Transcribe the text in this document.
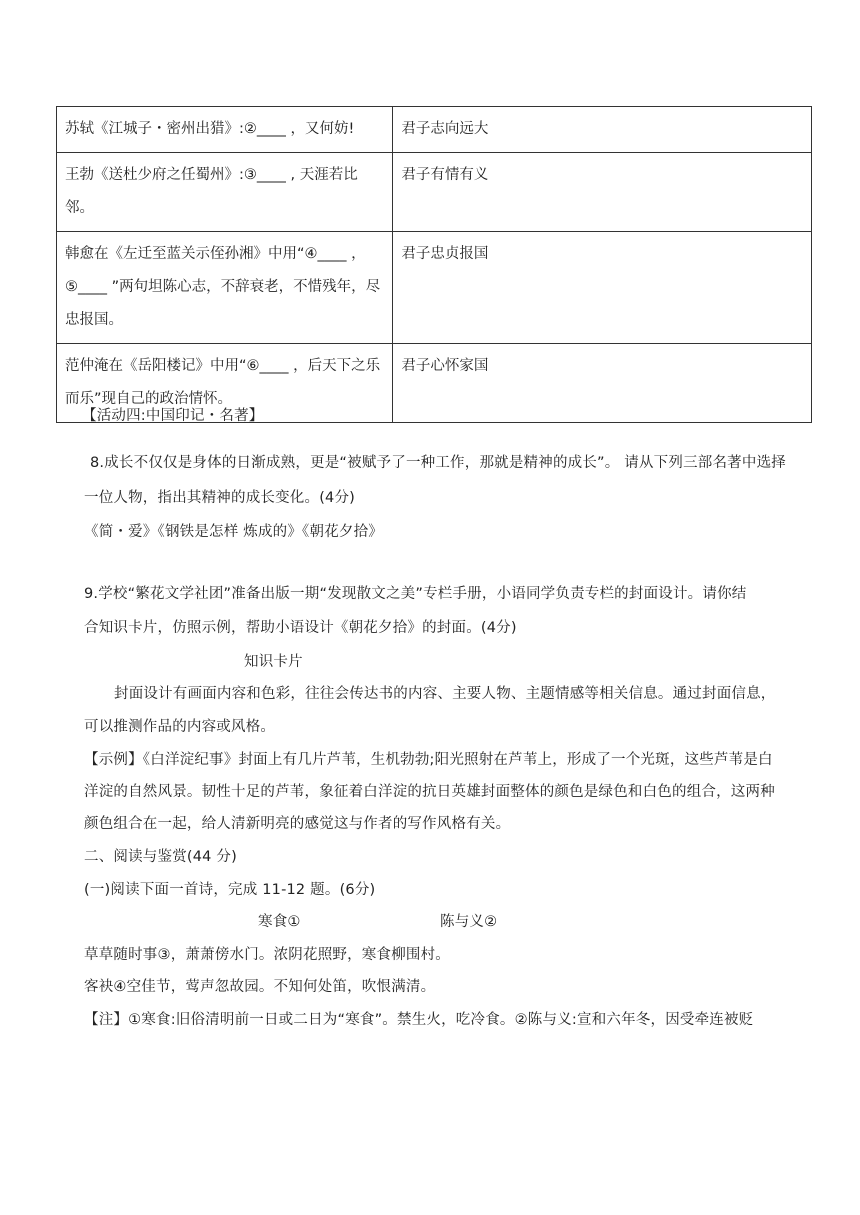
苏轼《江城子・密州出猎》:②____ ，又何妨!	君子志向远大
王勃《送杜少府之任蜀州》:③____ , 天涯若比邻。	君子有情有义
韩愈在《左迁至蓝关示侄孙湘》中用“④____ ，⑤____ ”两句坦陈心志，不辞衰老，不惜残年，尽忠报国。	君子忠贞报国
范仲淹在《岳阳楼记》中用“⑥____ ，后天下之乐而乐”现自己的政治情怀。	君子心怀家国
【活动四:中国印记・名著】
8.成长不仅仅是身体的日渐成熟，更是“被赋予了一种工作，那就是精神的成长”。 请从下列三部名著中选择
一位人物，指出其精神的成长变化。(4分)
《简・爱》《钢铁是怎样 炼成的》《朝花夕拾》
9.学校“繁花文学社团”准备出版一期“发现散文之美”专栏手册，小语同学负责专栏的封面设计。请你结
合知识卡片，仿照示例，帮助小语设计《朝花夕拾》的封面。(4分)
知识卡片
封面设计有画面内容和色彩，往往会传达书的内容、主要人物、主题情感等相关信息。通过封面信息，
可以推测作品的内容或风格。
【示例】《白洋淀纪事》封面上有几片芦苇，生机勃勃;阳光照射在芦苇上，形成了一个光斑，这些芦苇是白
洋淀的自然风景。韧性十足的芦苇，象征着白洋淀的抗日英雄封面整体的颜色是绿色和白色的组合，这两种
颜色组合在一起，给人清新明亮的感觉这与作者的写作风格有关。
二、阅读与鉴赏(44 分)
(一)阅读下面一首诗，完成 11-12 题。(6分)
寒食①	陈与义②
草草随时事③，萧萧傍水门。浓阴花照野，寒食柳围村。
客袂④空佳节，莺声忽故园。不知何处笛，吹恨满清。
【注】①寒食:旧俗清明前一日或二日为“寒食”。禁生火，吃冷食。②陈与义:宣和六年冬，因受牵连被贬
